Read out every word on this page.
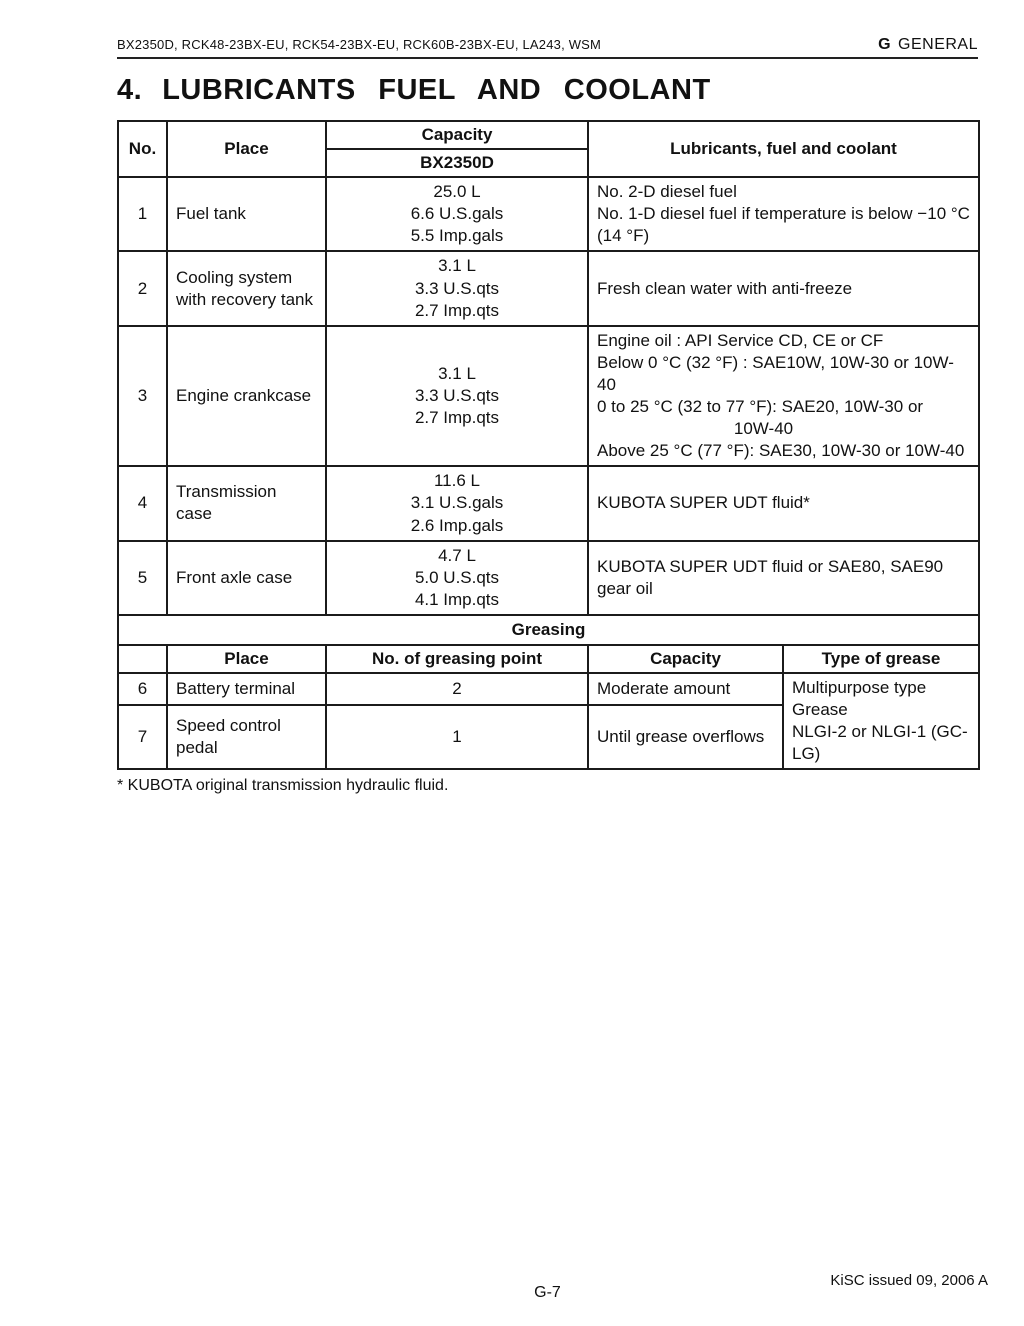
BX2350D, RCK48-23BX-EU, RCK54-23BX-EU, RCK60B-23BX-EU, LA243, WSM	G GENERAL
4. LUBRICANTS FUEL AND COOLANT
No.	Place	Capacity	Lubricants, fuel and coolant	
		BX2350D		
1	Fuel tank	25.0 L
6.6 U.S.gals
5.5 Imp.gals	No. 2-D diesel fuel
No. 1-D diesel fuel if temperature is below −10 °C
(14 °F)	

2	Cooling system
with recovery tank	3.1 L
3.3 U.S.qts
2.7 Imp.qts	Fresh clean water with anti-freeze	

3	Engine crankcase	3.1 L
3.3 U.S.qts
2.7 Imp.qts	Engine oil : API Service CD, CE or CF
Below 0 °C (32 °F) : SAE10W, 10W-30 or 10W-40
0 to 25 °C (32 to 77 °F): SAE20, 10W-30 or
10W-40
Above 25 °C (77 °F): SAE30, 10W-30 or 10W-40	

4	Transmission case	11.6 L
3.1 U.S.gals
2.6 Imp.gals	KUBOTA SUPER UDT fluid*	

5	Front axle case	4.7 L
5.0 U.S.qts
4.1 Imp.qts	KUBOTA SUPER UDT fluid or SAE80, SAE90
gear oil	

Greasing				
	Place	No. of greasing point	Capacity	Type of grease
6	Battery terminal	2	Moderate amount	Multipurpose type
Grease
NLGI-2 or NLGI-1 (GC-LG)

7	Speed control
pedal	1	Until grease overflows	
* KUBOTA original transmission hydraulic fluid.
KiSC issued 09, 2006 A
G-7
